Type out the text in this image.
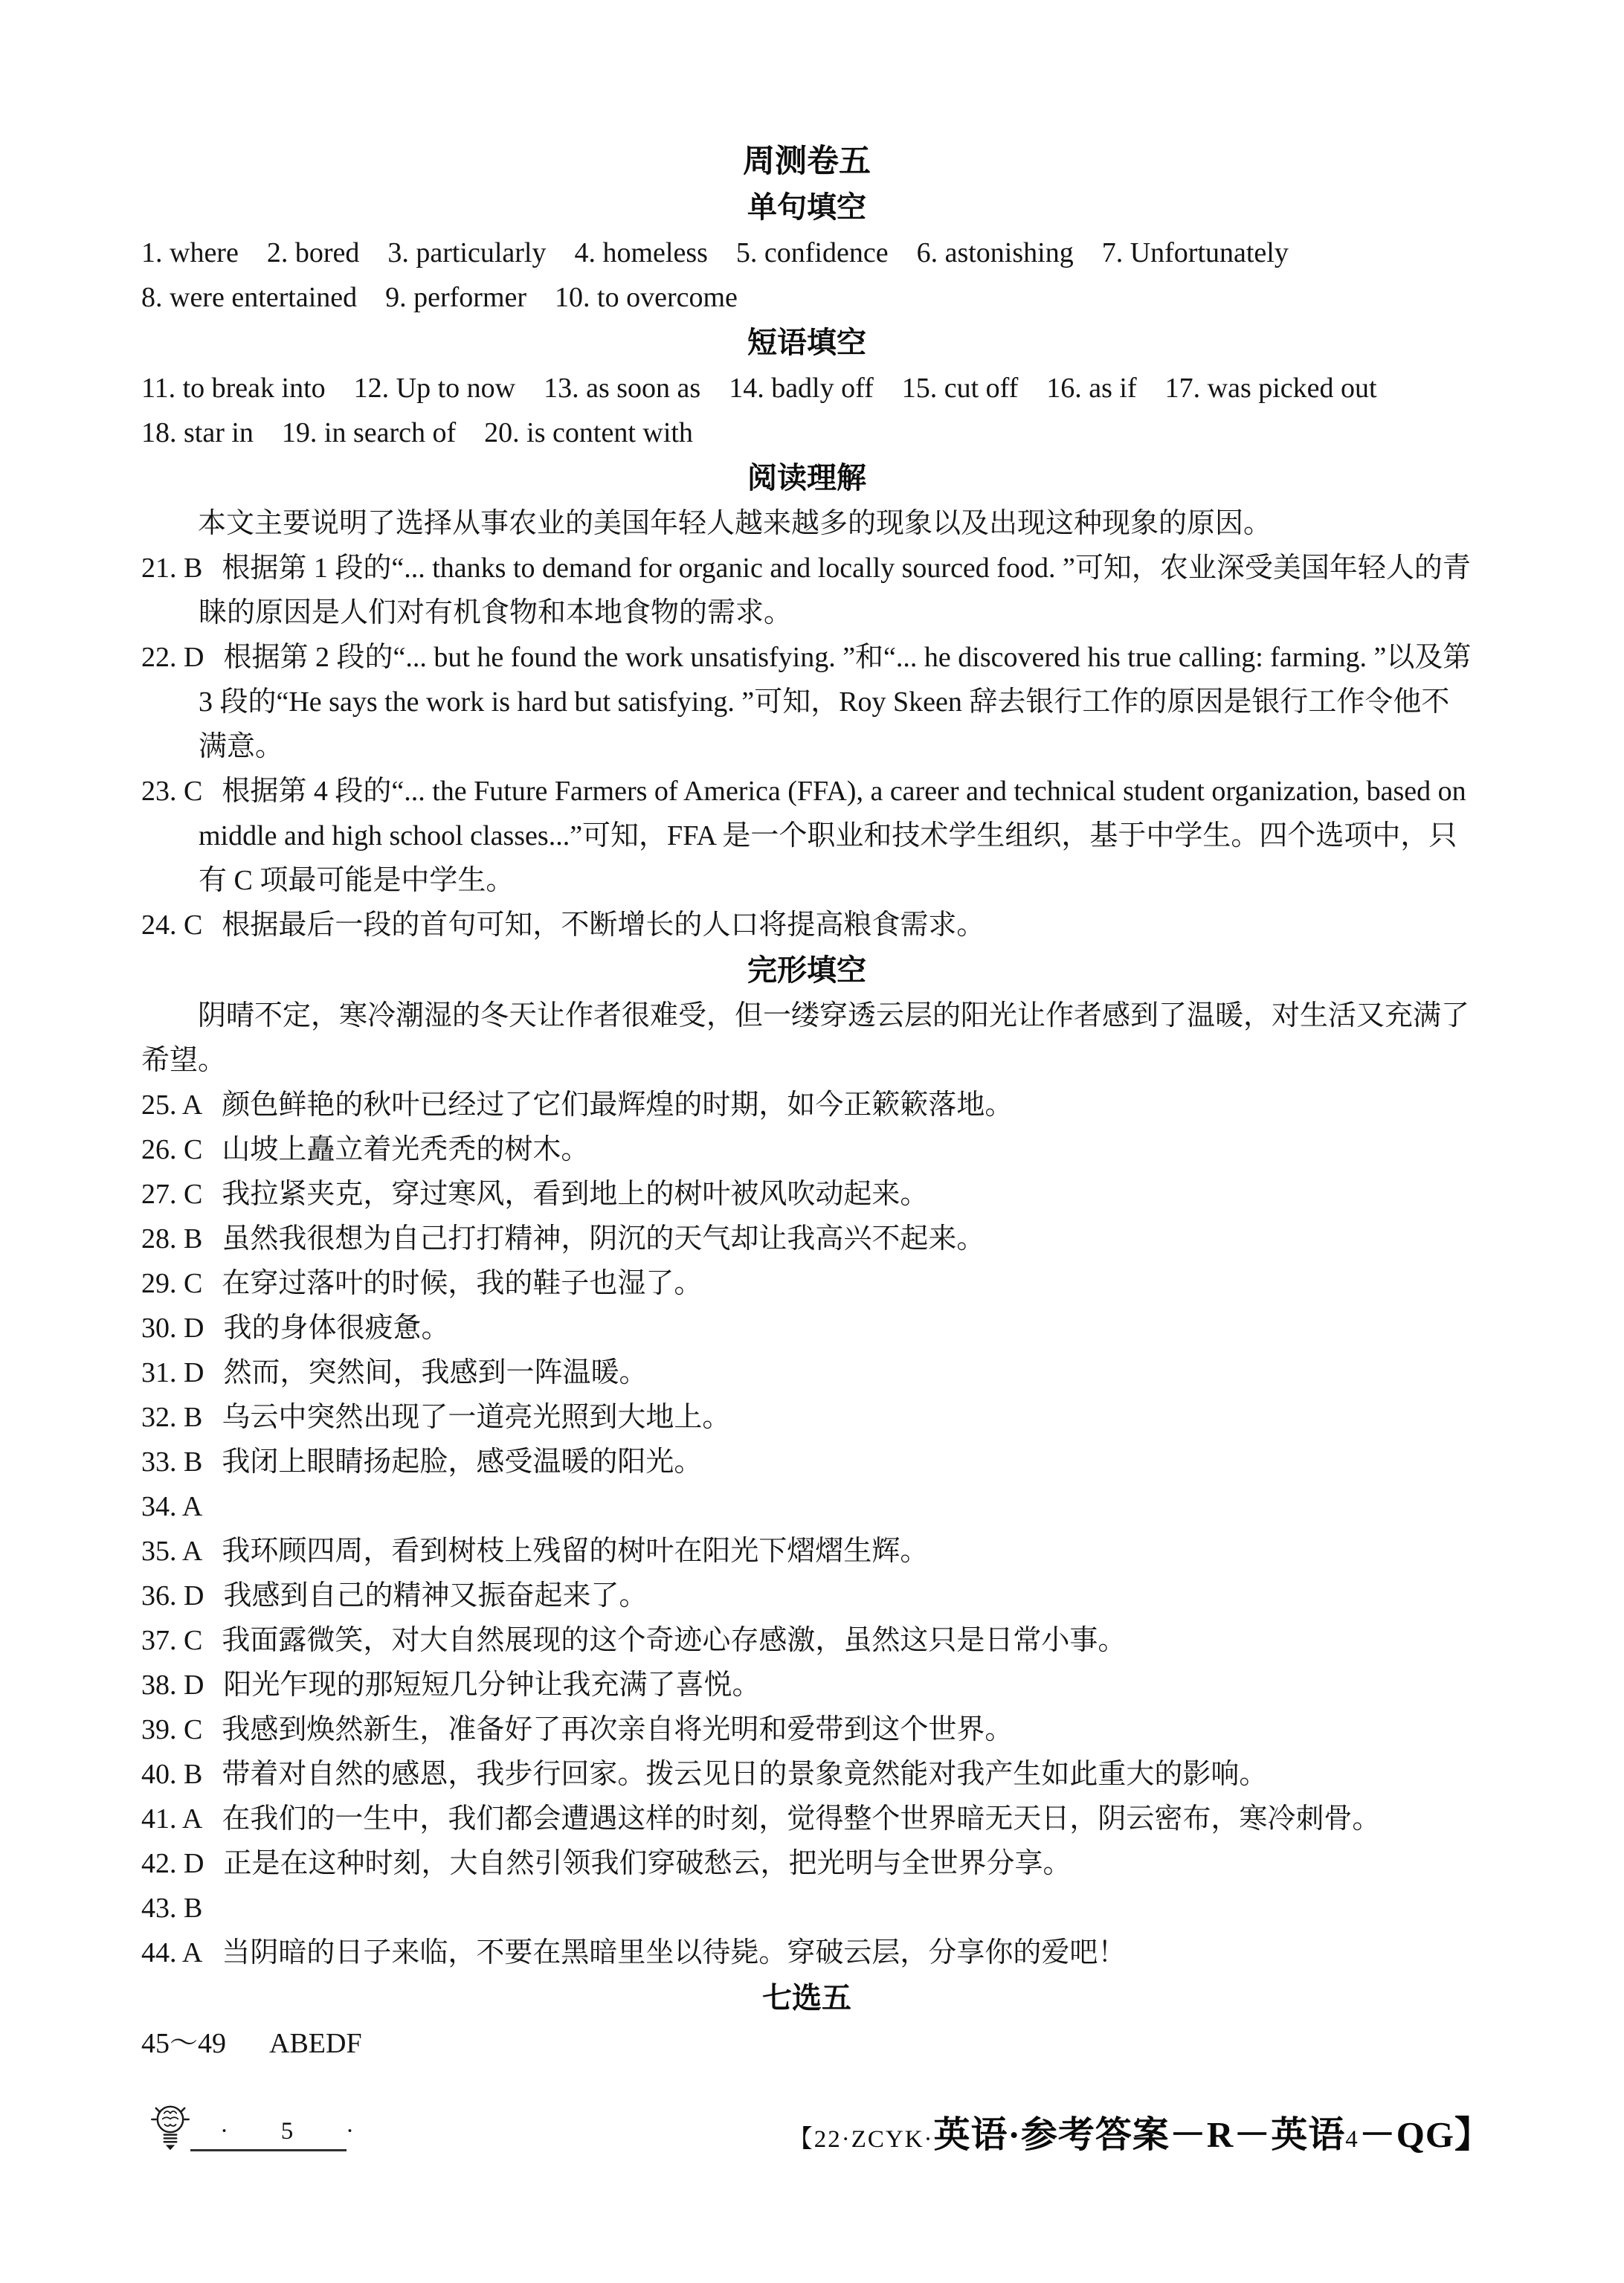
周测卷五
单句填空

1. where　2. bored　3. particularly　4. homeless　5. confidence　6. astonishing　7. Unfortunately

8. were entertained　9. performer　10. to overcome

短语填空

11. to break into　12. Up to now　13. as soon as　14. badly off　15. cut off　16. as if　17. was picked out

18. star in　19. in search of　20. is content with

阅读理解

本文主要说明了选择从事农业的美国年轻人越来越多的现象以及出现这种现象的原因。

21. B 根据第 1 段的“... thanks to demand for organic and locally sourced food. ”可知，农业深受美国年轻人的青睐的原因是人们对有机食物和本地食物的需求。

22. D 根据第 2 段的“... but he found the work unsatisfying. ”和“... he discovered his true calling: farming. ”以及第 3 段的“He says the work is hard but satisfying. ”可知，Roy Skeen 辞去银行工作的原因是银行工作令他不满意。

23. C 根据第 4 段的“... the Future Farmers of America (FFA), a career and technical student organization, based on middle and high school classes...”可知，FFA 是一个职业和技术学生组织，基于中学生。四个选项中，只有 C 项最可能是中学生。

24. C 根据最后一段的首句可知，不断增长的人口将提高粮食需求。

完形填空

阴晴不定，寒冷潮湿的冬天让作者很难受，但一缕穿透云层的阳光让作者感到了温暖，对生活又充满了希望。

25. A 颜色鲜艳的秋叶已经过了它们最辉煌的时期，如今正簌簌落地。

26. C 山坡上矗立着光秃秃的树木。

27. C 我拉紧夹克，穿过寒风，看到地上的树叶被风吹动起来。

28. B 虽然我很想为自己打打精神，阴沉的天气却让我高兴不起来。

29. C 在穿过落叶的时候，我的鞋子也湿了。

30. D 我的身体很疲惫。

31. D 然而，突然间，我感到一阵温暖。

32. B 乌云中突然出现了一道亮光照到大地上。

33. B 我闭上眼睛扬起脸，感受温暖的阳光。

34. A

35. A 我环顾四周，看到树枝上残留的树叶在阳光下熠熠生辉。

36. D 我感到自己的精神又振奋起来了。

37. C 我面露微笑，对大自然展现的这个奇迹心存感激，虽然这只是日常小事。

38. D 阳光乍现的那短短几分钟让我充满了喜悦。

39. C 我感到焕然新生，准备好了再次亲自将光明和爱带到这个世界。

40. B 带着对自然的感恩，我步行回家。拨云见日的景象竟然能对我产生如此重大的影响。

41. A 在我们的一生中，我们都会遭遇这样的时刻，觉得整个世界暗无天日，阴云密布，寒冷刺骨。

42. D 正是在这种时刻，大自然引领我们穿破愁云，把光明与全世界分享。

43. B

44. A 当阴暗的日子来临，不要在黑暗里坐以待毙。穿破云层，分享你的爱吧！

七选五

45～49 ABEDF

· 5 ·	【22·ZCYK· 英语·参考答案 －R－ 英语 4 －QG】
